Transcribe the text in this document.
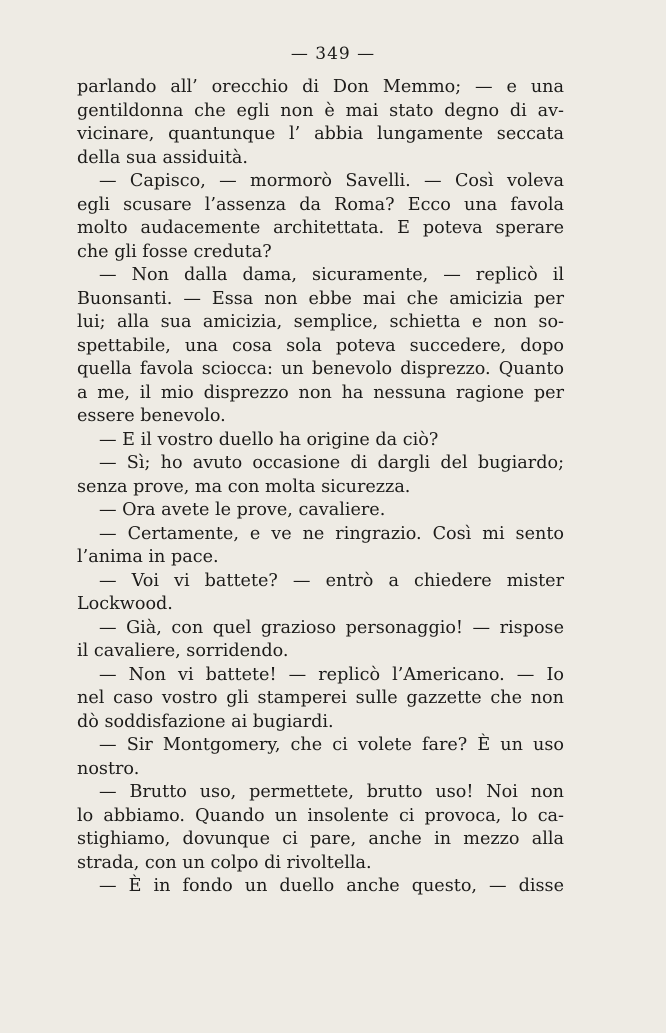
— 349 —
parlando all’ orecchio di Don Memmo; — e una
gentildonna che egli non è mai stato degno di av-
vicinare, quantunque l’ abbia lungamente seccata
della sua assiduità.
— Capisco, — mormorò Savelli. — Così voleva
egli scusare l’assenza da Roma? Ecco una favola
molto audacemente architettata. E poteva sperare
che gli fosse creduta?
— Non dalla dama, sicuramente, — replicò il
Buonsanti. — Essa non ebbe mai che amicizia per
lui; alla sua amicizia, semplice, schietta e non so-
spettabile, una cosa sola poteva succedere, dopo
quella favola sciocca: un benevolo disprezzo. Quanto
a me, il mio disprezzo non ha nessuna ragione per
essere benevolo.
— E il vostro duello ha origine da ciò?
— Sì; ho avuto occasione di dargli del bugiardo;
senza prove, ma con molta sicurezza.
— Ora avete le prove, cavaliere.
— Certamente, e ve ne ringrazio. Così mi sento
l’anima in pace.
— Voi vi battete? — entrò a chiedere mister
Lockwood.
— Già, con quel grazioso personaggio! — rispose
il cavaliere, sorridendo.
— Non vi battete! — replicò l’Americano. — Io
nel caso vostro gli stamperei sulle gazzette che non
dò soddisfazione ai bugiardi.
— Sir Montgomery, che ci volete fare? È un uso
nostro.
— Brutto uso, permettete, brutto uso! Noi non
lo abbiamo. Quando un insolente ci provoca, lo ca-
stighiamo, dovunque ci pare, anche in mezzo alla
strada, con un colpo di rivoltella.
— È in fondo un duello anche questo, — disse
